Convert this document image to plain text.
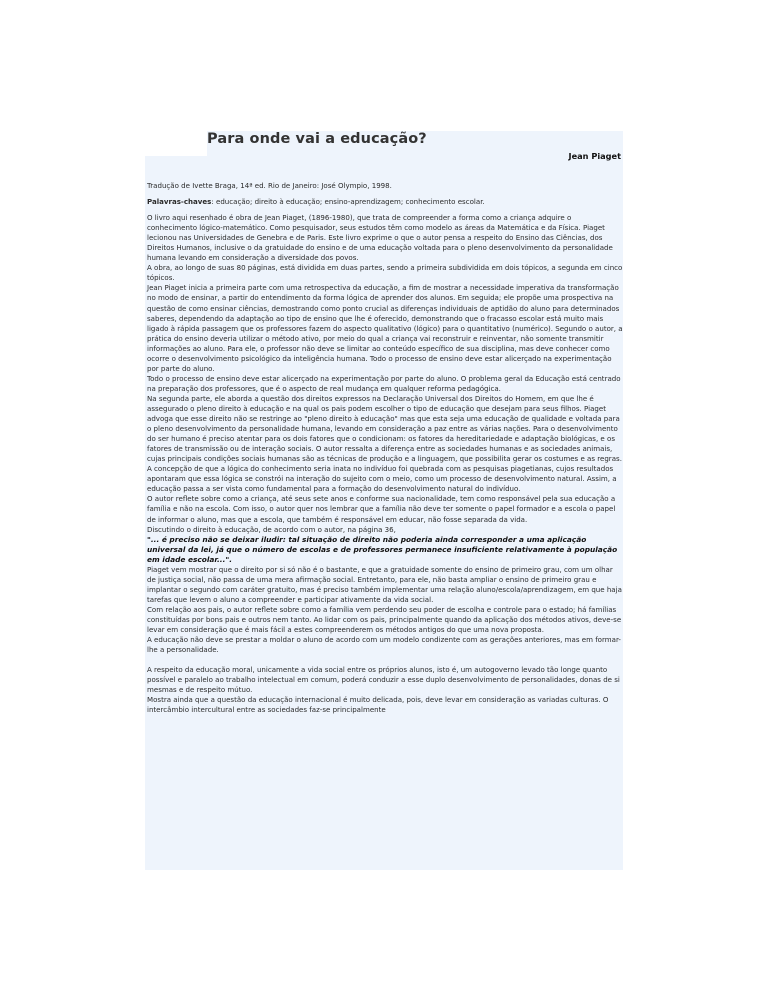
Para onde vai a educação?
Jean Piaget

Tradução de Ivette Braga, 14ª ed. Rio de Janeiro: José Olympio, 1998.

Palavras-chaves: educação; direito à educação; ensino-aprendizagem; conhecimento escolar.

O livro aqui resenhado é obra de Jean Piaget, (1896-1980), que trata de compreender a forma como a criança adquire o conhecimento lógico-matemático. Como pesquisador, seus estudos têm como modelo as áreas da Matemática e da Física. Piaget lecionou nas Universidades de Genebra e de Paris. Este livro exprime o que o autor pensa a respeito do Ensino das Ciências, dos Direitos Humanos, inclusive o da gratuidade do ensino e de uma educação voltada para o pleno desenvolvimento da personalidade humana levando em consideração a diversidade dos povos.

A obra, ao longo de suas 80 páginas, está dividida em duas partes, sendo a primeira subdividida em dois tópicos, a segunda em cinco tópicos.

Jean Piaget inicia a primeira parte com uma retrospectiva da educação, a fim de mostrar a necessidade imperativa da transformação no modo de ensinar, a partir do entendimento da forma lógica de aprender dos alunos. Em seguida; ele propõe uma prospectiva na questão de como ensinar ciências, demostrando como ponto crucial as diferenças individuais de aptidão do aluno para determinados saberes, dependendo da adaptação ao tipo de ensino que lhe é oferecido, demonstrando que o fracasso escolar está muito mais ligado à rápida passagem que os professores fazem do aspecto qualitativo (lógico) para o quantitativo (numérico). Segundo o autor, a prática do ensino deveria utilizar o método ativo, por meio do qual a criança vai reconstruir e reinventar, não somente transmitir informações ao aluno. Para ele, o professor não deve se limitar ao conteúdo específico de sua disciplina, mas deve conhecer como ocorre o desenvolvimento psicológico da inteligência humana. Todo o processo de ensino deve estar alicerçado na experimentação por parte do aluno.

Todo o processo de ensino deve estar alicerçado na experimentação por parte do aluno. O problema geral da Educação está centrado na preparação dos professores, que é o aspecto de real mudança em qualquer reforma pedagógica.

Na segunda parte, ele aborda a questão dos direitos expressos na Declaração Universal dos Direitos do Homem, em que lhe é assegurado o pleno direito à educação e na qual os pais podem escolher o tipo de educação que desejam para seus filhos. Piaget advoga que esse direito não se restringe ao "pleno direito à educação" mas que esta seja uma educação de qualidade e voltada para o pleno desenvolvimento da personalidade humana, levando em consideração a paz entre as várias nações. Para o desenvolvimento do ser humano é preciso atentar para os dois fatores que o condicionam: os fatores da hereditariedade e adaptação biológicas, e os fatores de transmissão ou de interação sociais. O autor ressalta a diferença entre as sociedades humanas e as sociedades animais, cujas principais condições sociais humanas são as técnicas de produção e a linguagem, que possibilita gerar os costumes e as regras. A concepção de que a lógica do conhecimento seria inata no indivíduo foi quebrada com as pesquisas piagetianas, cujos resultados apontaram que essa lógica se constrói na interação do sujeito com o meio, como um processo de desenvolvimento natural. Assim, a educação passa a ser vista como fundamental para a formação do desenvolvimento natural do indivíduo.

O autor reflete sobre como a criança, até seus sete anos e conforme sua nacionalidade, tem como responsável pela sua educação a família e não na escola. Com isso, o autor quer nos lembrar que a família não deve ter somente o papel formador e a escola o papel de informar o aluno, mas que a escola, que também é responsável em educar, não fosse separada da vida.

Discutindo o direito à educação, de acordo com o autor, na página 36,

"... é preciso não se deixar iludir: tal situação de direito não poderia ainda corresponder a uma aplicação universal da lei, já que o número de escolas e de professores permanece insuficiente relativamente à população em idade escolar...".

Piaget vem mostrar que o direito por si só não é o bastante, e que a gratuidade somente do ensino de primeiro grau, com um olhar de justiça social, não passa de uma mera afirmação social. Entretanto, para ele, não basta ampliar o ensino de primeiro grau e implantar o segundo com caráter gratuito, mas é preciso também implementar uma relação aluno/escola/aprendizagem, em que haja tarefas que levem o aluno a compreender e participar ativamente da vida social.

Com relação aos pais, o autor reflete sobre como a família vem perdendo seu poder de escolha e controle para o estado; há famílias constituídas por bons pais e outros nem tanto. Ao lidar com os pais, principalmente quando da aplicação dos métodos ativos, deve-se levar em consideração que é mais fácil a estes compreenderem os métodos antigos do que uma nova proposta.

A educação não deve se prestar a moldar o aluno de acordo com um modelo condizente com as gerações anteriores, mas em formar-lhe a personalidade.

A respeito da educação moral, unicamente a vida social entre os próprios alunos, isto é, um autogoverno levado tão longe quanto possível e paralelo ao trabalho intelectual em comum, poderá conduzir a esse duplo desenvolvimento de personalidades, donas de si mesmas e de respeito mútuo.

Mostra ainda que a questão da educação internacional é muito delicada, pois, deve levar em consideração as variadas culturas. O intercâmbio intercultural entre as sociedades faz-se principalmente
